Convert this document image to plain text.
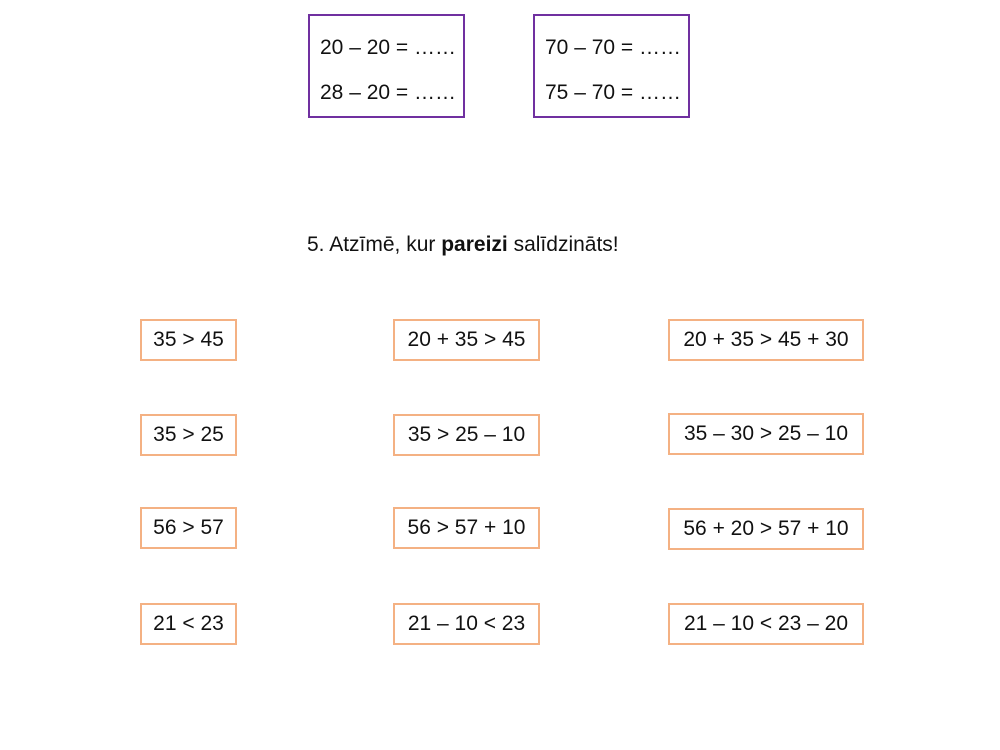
20 – 20 = ……
28 – 20 = ……
70 – 70 = ……
75 – 70 = ……
5. Atzīmē, kur pareizi salīdzināts!
35 > 45	20 + 35 > 45	20 + 35 > 45 + 30
35 > 25	35 > 25 – 10	35 – 30 > 25 – 10
56 > 57	56 > 57 + 10	56 + 20 > 57 + 10
21 < 23	21 – 10 < 23	21 – 10 < 23 – 20
